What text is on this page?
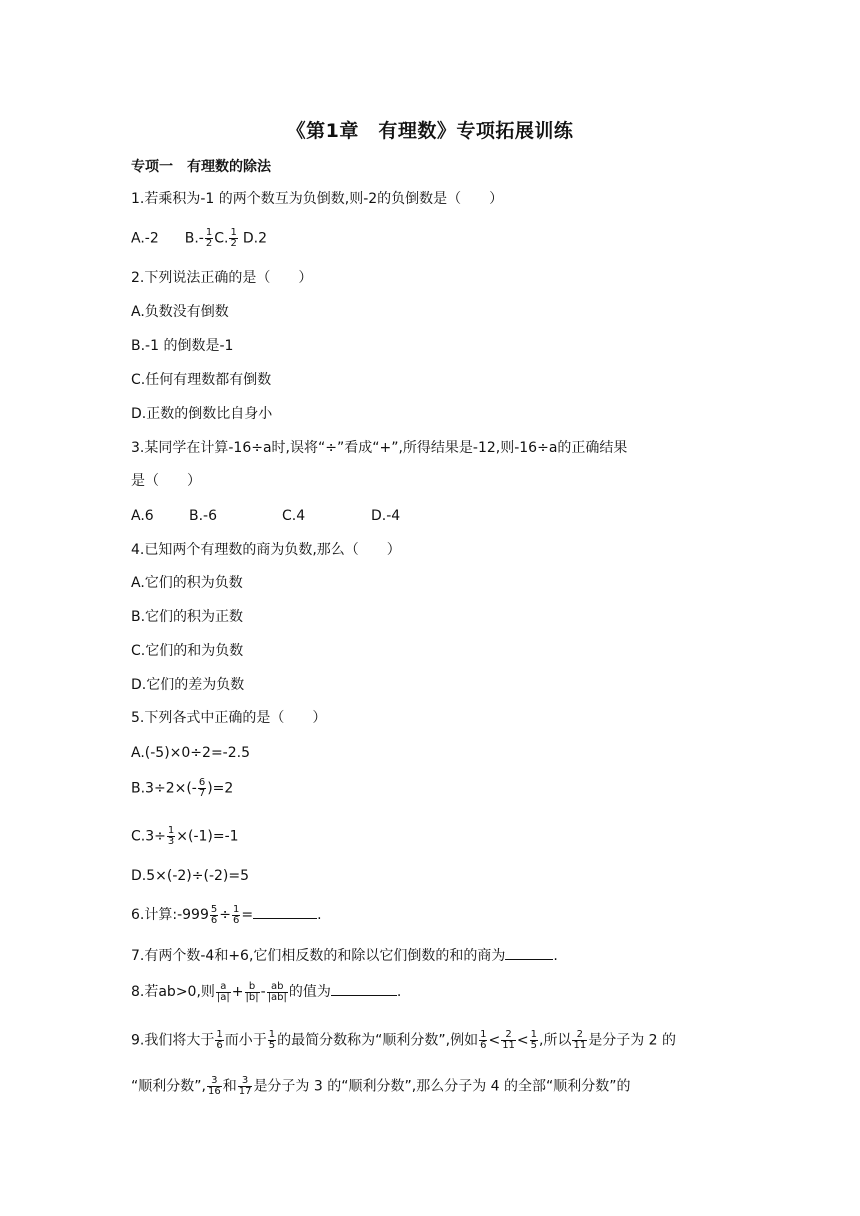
《第1章　有理数》专项拓展训练
专项一　有理数的除法
1.若乘积为-1 的两个数互为负倒数,则-2的负倒数是（　　）
A.-2 $B.- \frac{1}{2} C$. $\frac{1}{2} D.2$
2.下列说法正确的是（　　）
A.负数没有倒数
B.-1 的倒数是-1
C.任何有理数都有倒数
D.正数的倒数比自身小
3.某同学在计算-16÷a时,误将“÷”看成“+”,所得结果是-12,则-16÷a的正确结果
是（　　）
A.6	B.-6	C.4	D.-4
4.已知两个有理数的商为负数,那么（　　）
A.它们的积为负数
B.它们的积为正数
C.它们的和为负数
D.它们的差为负数
5.下列各式中正确的是（　　）
A.(-5)×0÷2=-2.5
$B.3\div 2\times(- \frac{6}{7} )=2$
$C.3\div \frac{1}{3} \times(-1)=-1$
D.5×(-2)÷(-2)=5
6.计算:-999 $\frac{5}{6} \div \frac{1}{6}$ =	.
7.有两个数-4和+6,它们相反数的和除以它们倒数的和的商为	.
8.若ab>0,则 $\frac{a}{|a|} + \frac{b}{|b|} - \frac{ab}{|ab|}$ 的值为	.
9.我们将大于 $\frac{1}{6}$ 而小于 $\frac{1}{5}$ 的最简分数称为“顺利分数”,例如 $\frac{1}{6} < \frac{2}{11} < \frac{1}{5}$ ,所以 $\frac{2}{11}$ 是分子为 2 的
“顺利分数”, $\frac{3}{16}$ 和 $\frac{3}{17}$ 是分子为 3 的“顺利分数”,那么分子为 4 的全部“顺利分数”的
